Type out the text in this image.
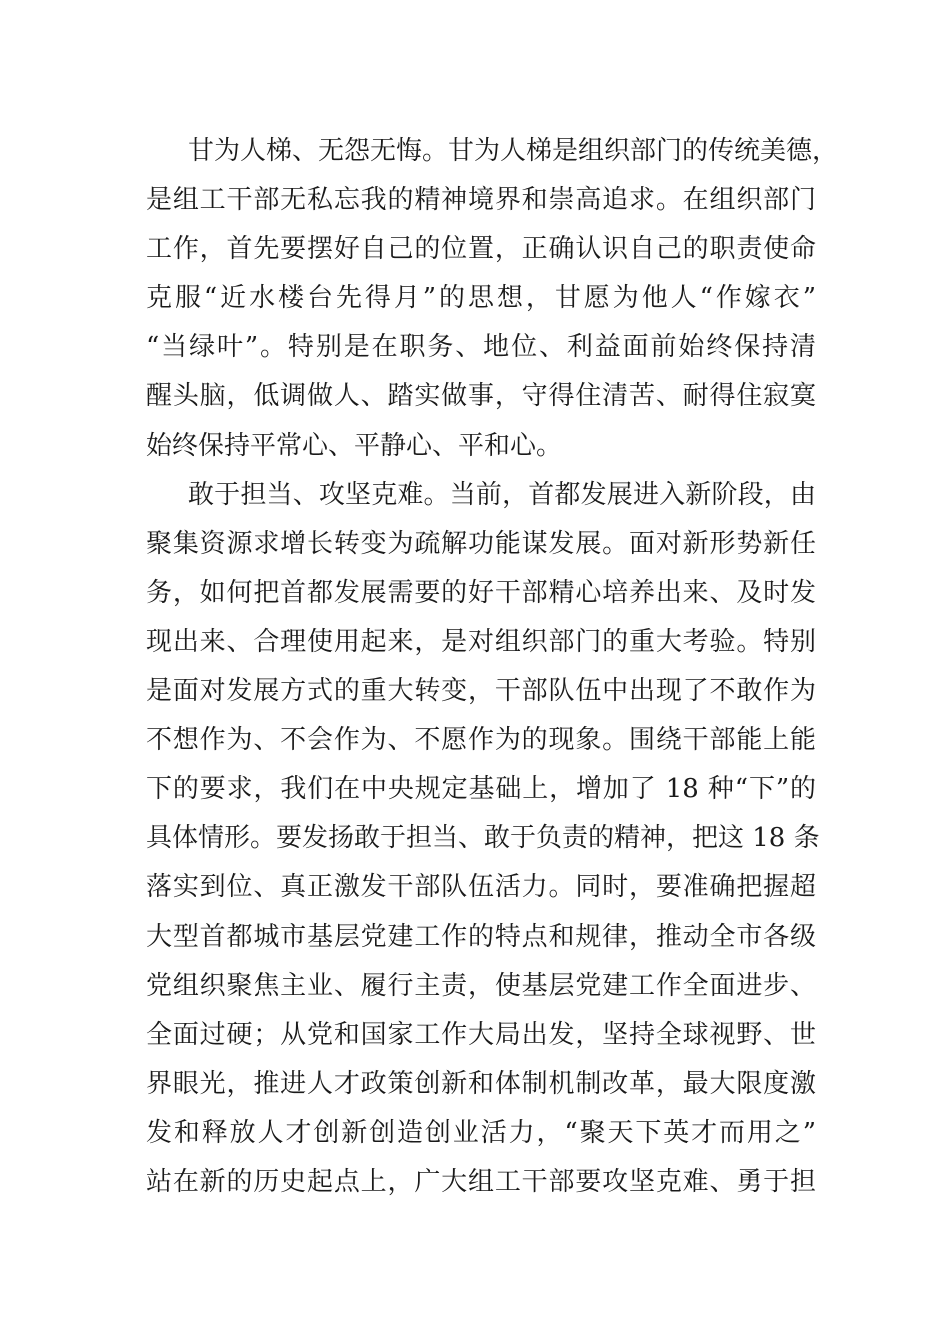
甘为人梯、无怨无悔。甘为人梯是组织部门的传统美德，
是组工干部无私忘我的精神境界和崇高追求。在组织部门
工作，首先要摆好自己的位置，正确认识自己的职责使命
克服“近水楼台先得月”的思想，甘愿为他人“作嫁衣”
“当绿叶”。特别是在职务、地位、利益面前始终保持清
醒头脑，低调做人、踏实做事，守得住清苦、耐得住寂寞
始终保持平常心、平静心、平和心。
敢于担当、攻坚克难。当前，首都发展进入新阶段，由
聚集资源求增长转变为疏解功能谋发展。面对新形势新任
务，如何把首都发展需要的好干部精心培养出来、及时发
现出来、合理使用起来，是对组织部门的重大考验。特别
是面对发展方式的重大转变，干部队伍中出现了不敢作为
不想作为、不会作为、不愿作为的现象。围绕干部能上能
下的要求，我们在中央规定基础上，增加了 18 种“下”的
具体情形。要发扬敢于担当、敢于负责的精神，把这 18 条
落实到位、真正激发干部队伍活力。同时，要准确把握超
大型首都城市基层党建工作的特点和规律，推动全市各级
党组织聚焦主业、履行主责，使基层党建工作全面进步、
全面过硬；从党和国家工作大局出发，坚持全球视野、世
界眼光，推进人才政策创新和体制机制改革，最大限度激
发和释放人才创新创造创业活力，“聚天下英才而用之”
站在新的历史起点上，广大组工干部要攻坚克难、勇于担
